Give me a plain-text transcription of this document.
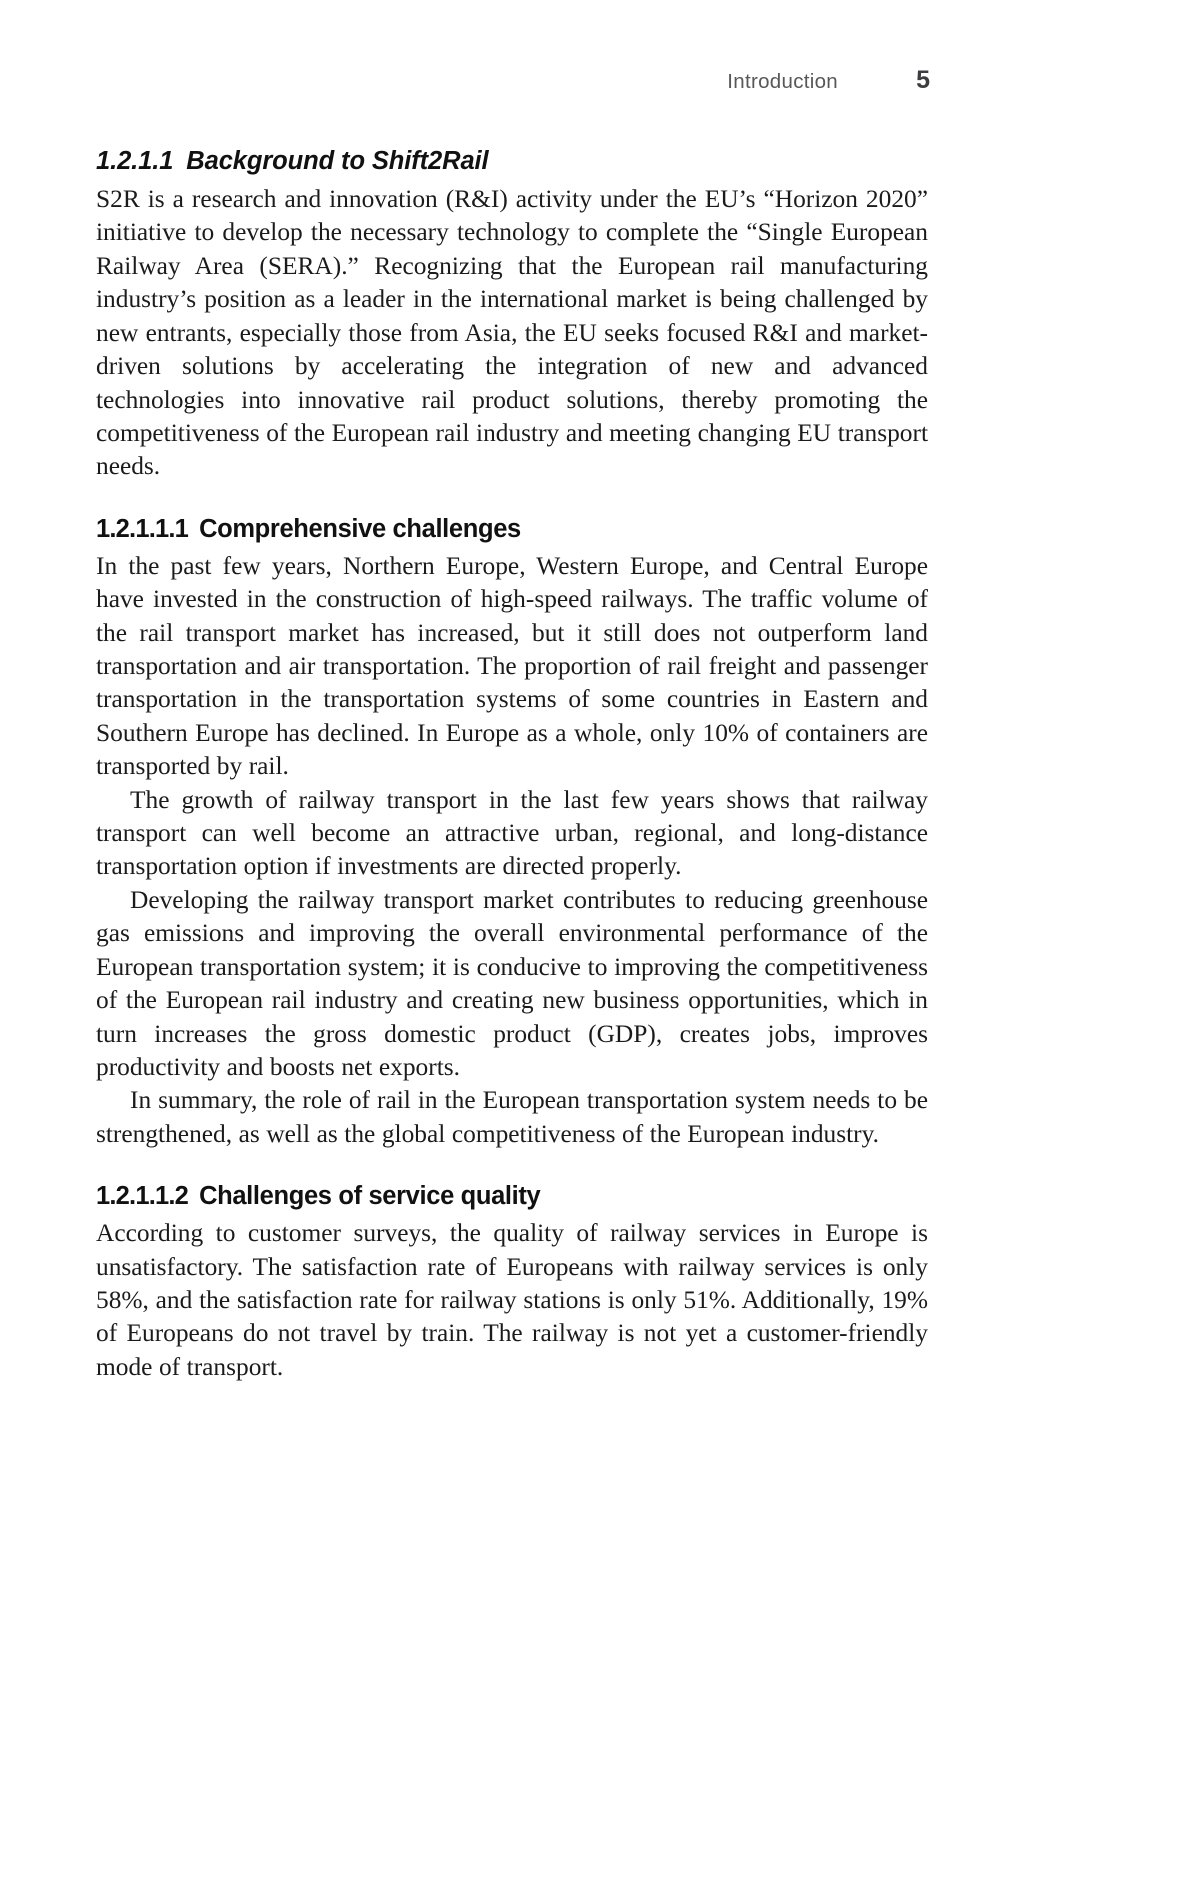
Introduction	5
1.2.1.1 Background to Shift2Rail

S2R is a research and innovation (R&I) activity under the EU’s “Horizon 2020” initiative to develop the necessary technology to complete the “Single European Railway Area (SERA).” Recognizing that the European rail manufacturing industry’s position as a leader in the international market is being challenged by new entrants, especially those from Asia, the EU seeks focused R&I and market-driven solutions by accelerating the integration of new and advanced technologies into innovative rail product solutions, thereby promoting the competitiveness of the European rail industry and meeting changing EU transport needs.

1.2.1.1.1 Comprehensive challenges

In the past few years, Northern Europe, Western Europe, and Central Europe have invested in the construction of high-speed railways. The traffic volume of the rail transport market has increased, but it still does not outperform land transportation and air transportation. The proportion of rail freight and passenger transportation in the transportation systems of some countries in Eastern and Southern Europe has declined. In Europe as a whole, only 10% of containers are transported by rail.

The growth of railway transport in the last few years shows that railway transport can well become an attractive urban, regional, and long-distance transportation option if investments are directed properly.

Developing the railway transport market contributes to reducing greenhouse gas emissions and improving the overall environmental performance of the European transportation system; it is conducive to improving the competitiveness of the European rail industry and creating new business opportunities, which in turn increases the gross domestic product (GDP), creates jobs, improves productivity and boosts net exports.

In summary, the role of rail in the European transportation system needs to be strengthened, as well as the global competitiveness of the European industry.

1.2.1.1.2 Challenges of service quality

According to customer surveys, the quality of railway services in Europe is unsatisfactory. The satisfaction rate of Europeans with railway services is only 58%, and the satisfaction rate for railway stations is only 51%. Additionally, 19% of Europeans do not travel by train. The railway is not yet a customer-friendly mode of transport.
